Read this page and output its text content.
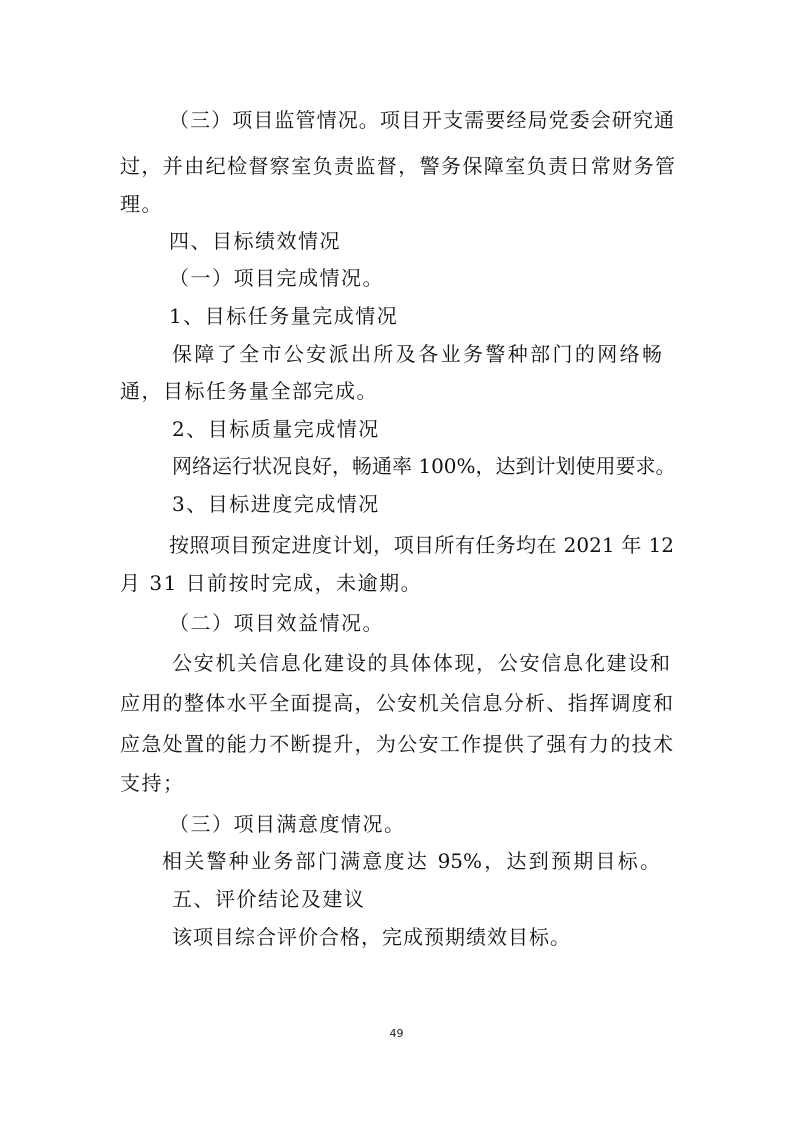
（三）项目监管情况。项目开支需要经局党委会研究通
过，并由纪检督察室负责监督，警务保障室负责日常财务管
理。
四、目标绩效情况
（一）项目完成情况。
1、目标任务量完成情况
保障了全市公安派出所及各业务警种部门的网络畅
通，目标任务量全部完成。
2、目标质量完成情况
网络运行状况良好，畅通率 100%，达到计划使用要求。
3、目标进度完成情况
按照项目预定进度计划，项目所有任务均在 2021 年 12
月 31 日前按时完成，未逾期。
（二）项目效益情况。
公安机关信息化建设的具体体现，公安信息化建设和
应用的整体水平全面提高，公安机关信息分析、指挥调度和
应急处置的能力不断提升，为公安工作提供了强有力的技术
支持；
（三）项目满意度情况。
相关警种业务部门满意度达 95%，达到预期目标。
五、评价结论及建议
该项目综合评价合格，完成预期绩效目标。
49
